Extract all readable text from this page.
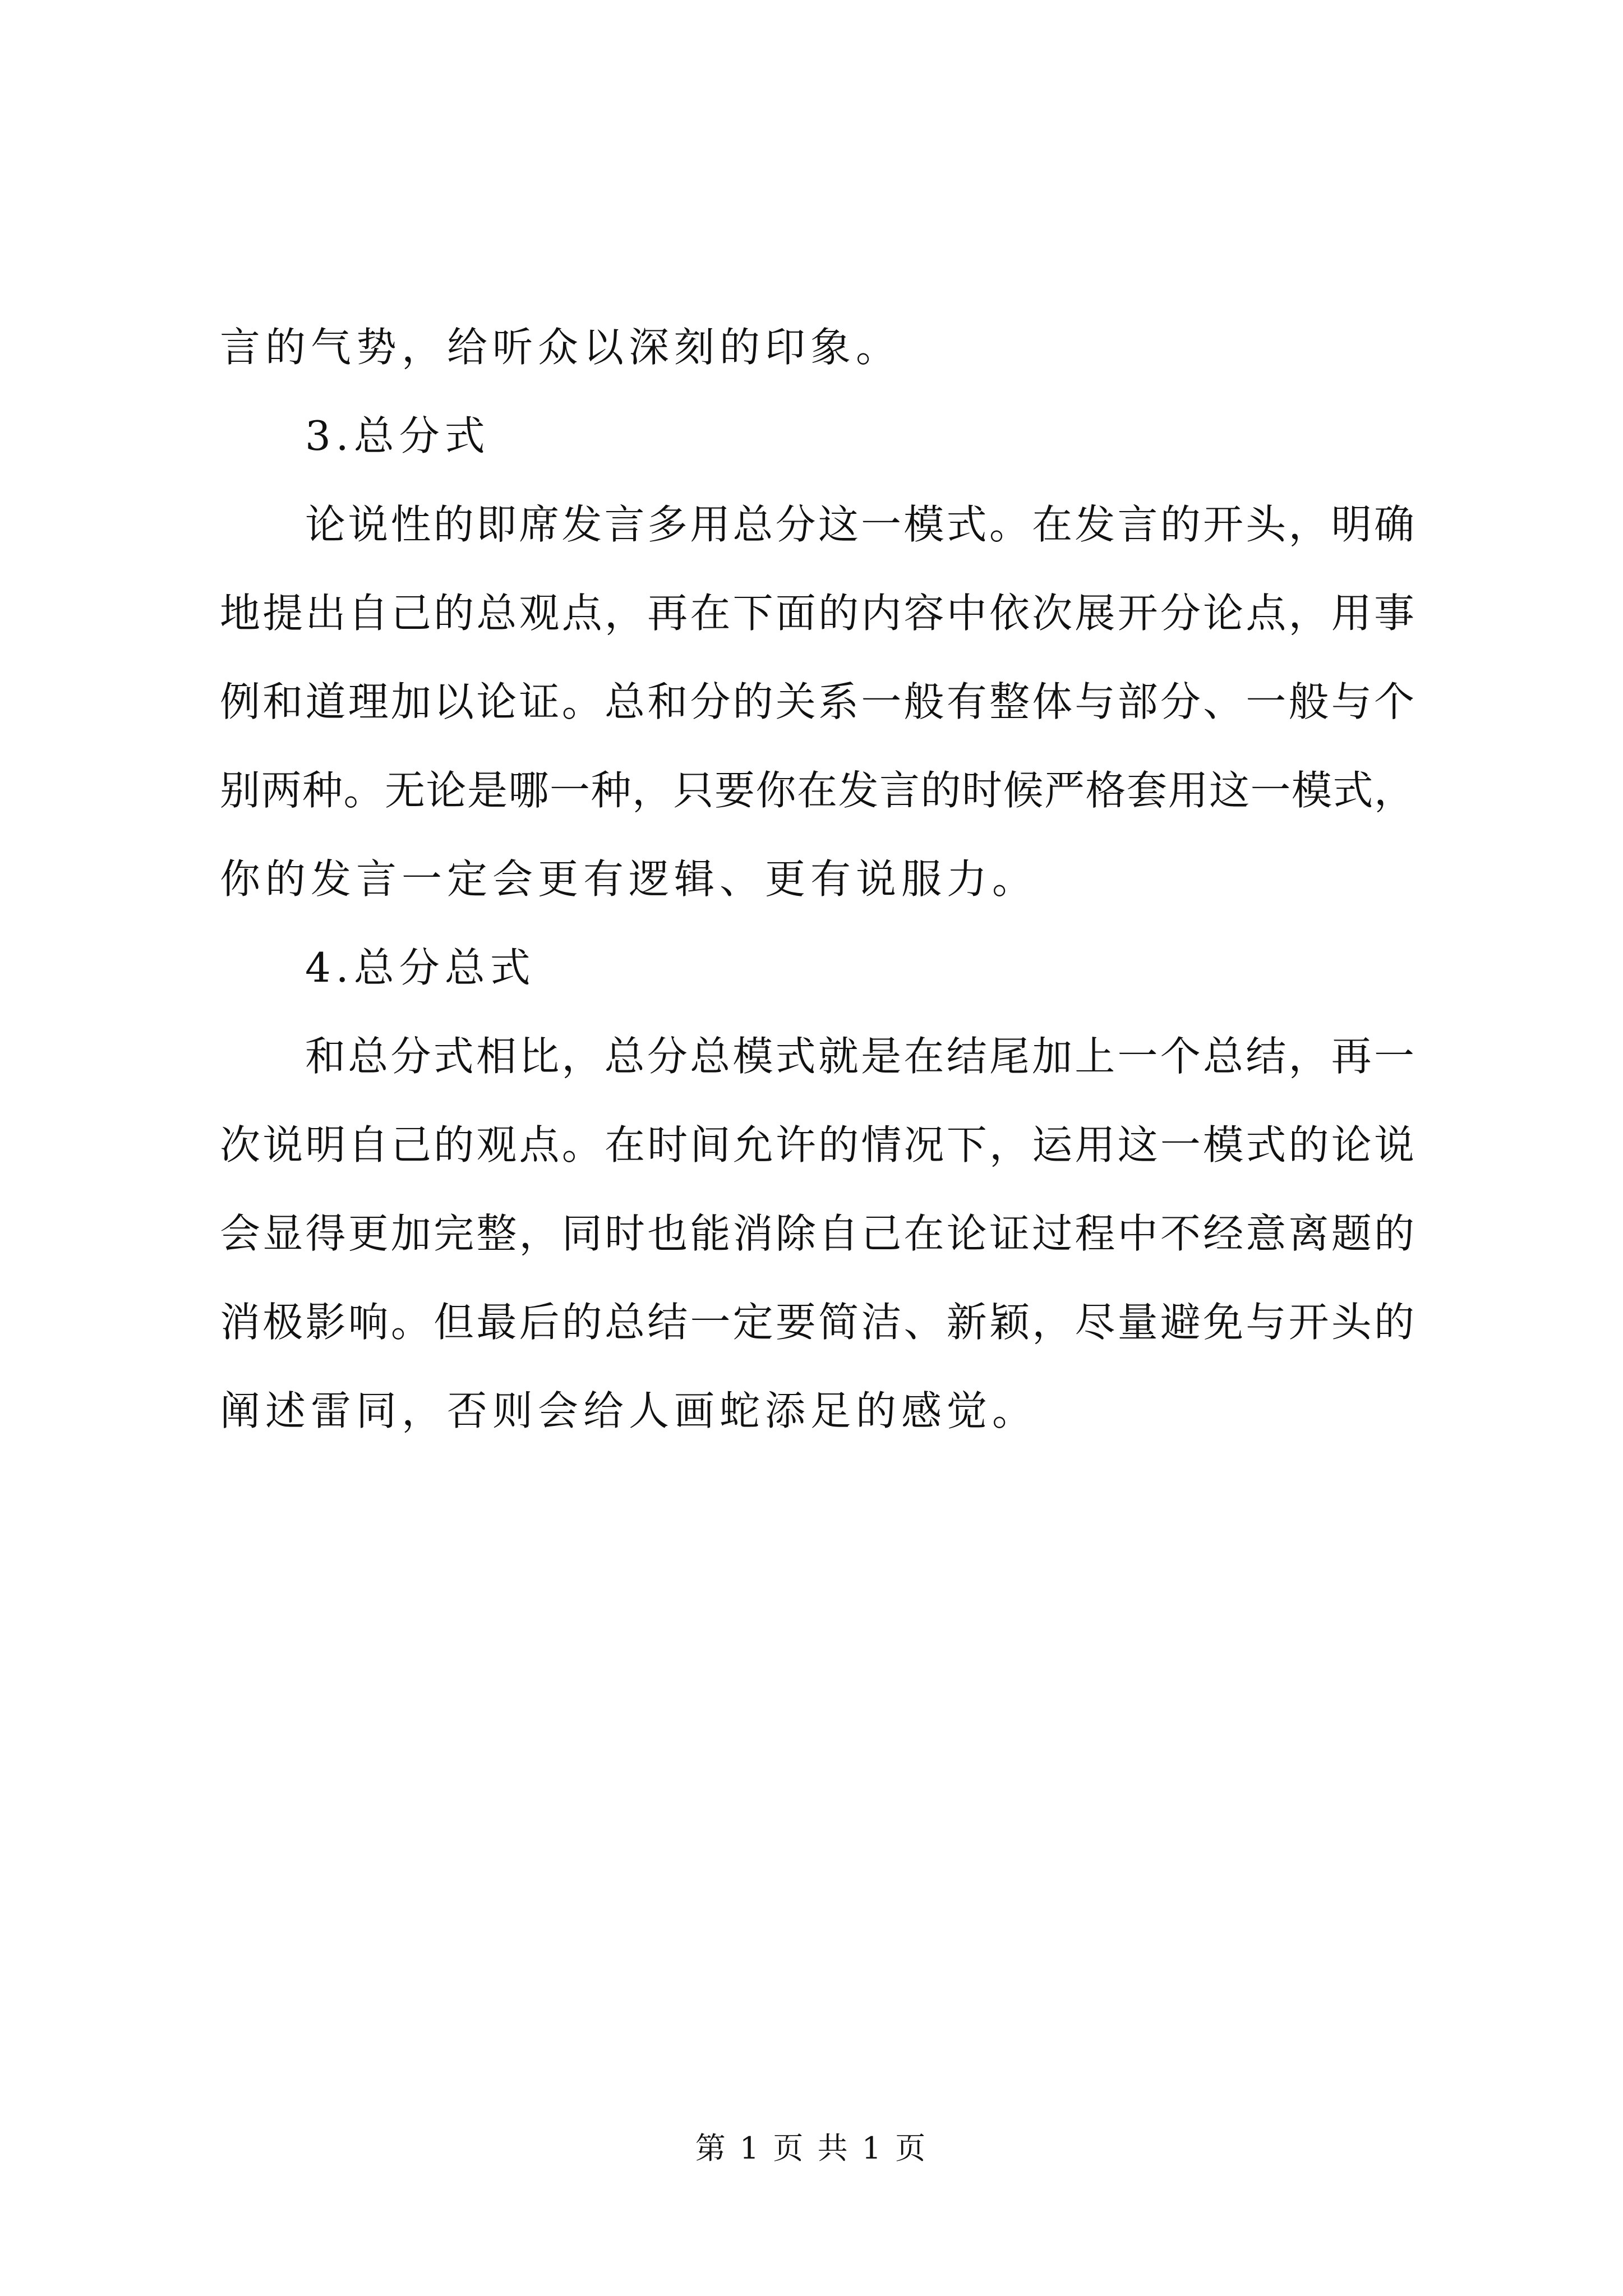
言的气势，给听众以深刻的印象。
3.总分式
论说性的即席发言多用总分这一模式。在发言的开头，明确
地提出自己的总观点，再在下面的内容中依次展开分论点，用事
例和道理加以论证。总和分的关系一般有整体与部分、一般与个
别两种。无论是哪一种，只要你在发言的时候严格套用这一模式，
你的发言一定会更有逻辑、更有说服力。
4.总分总式
和总分式相比，总分总模式就是在结尾加上一个总结，再一
次说明自己的观点。在时间允许的情况下，运用这一模式的论说
会显得更加完整，同时也能消除自己在论证过程中不经意离题的
消极影响。但最后的总结一定要简洁、新颖，尽量避免与开头的
阐述雷同，否则会给人画蛇添足的感觉。
第 1 页 共 1 页
